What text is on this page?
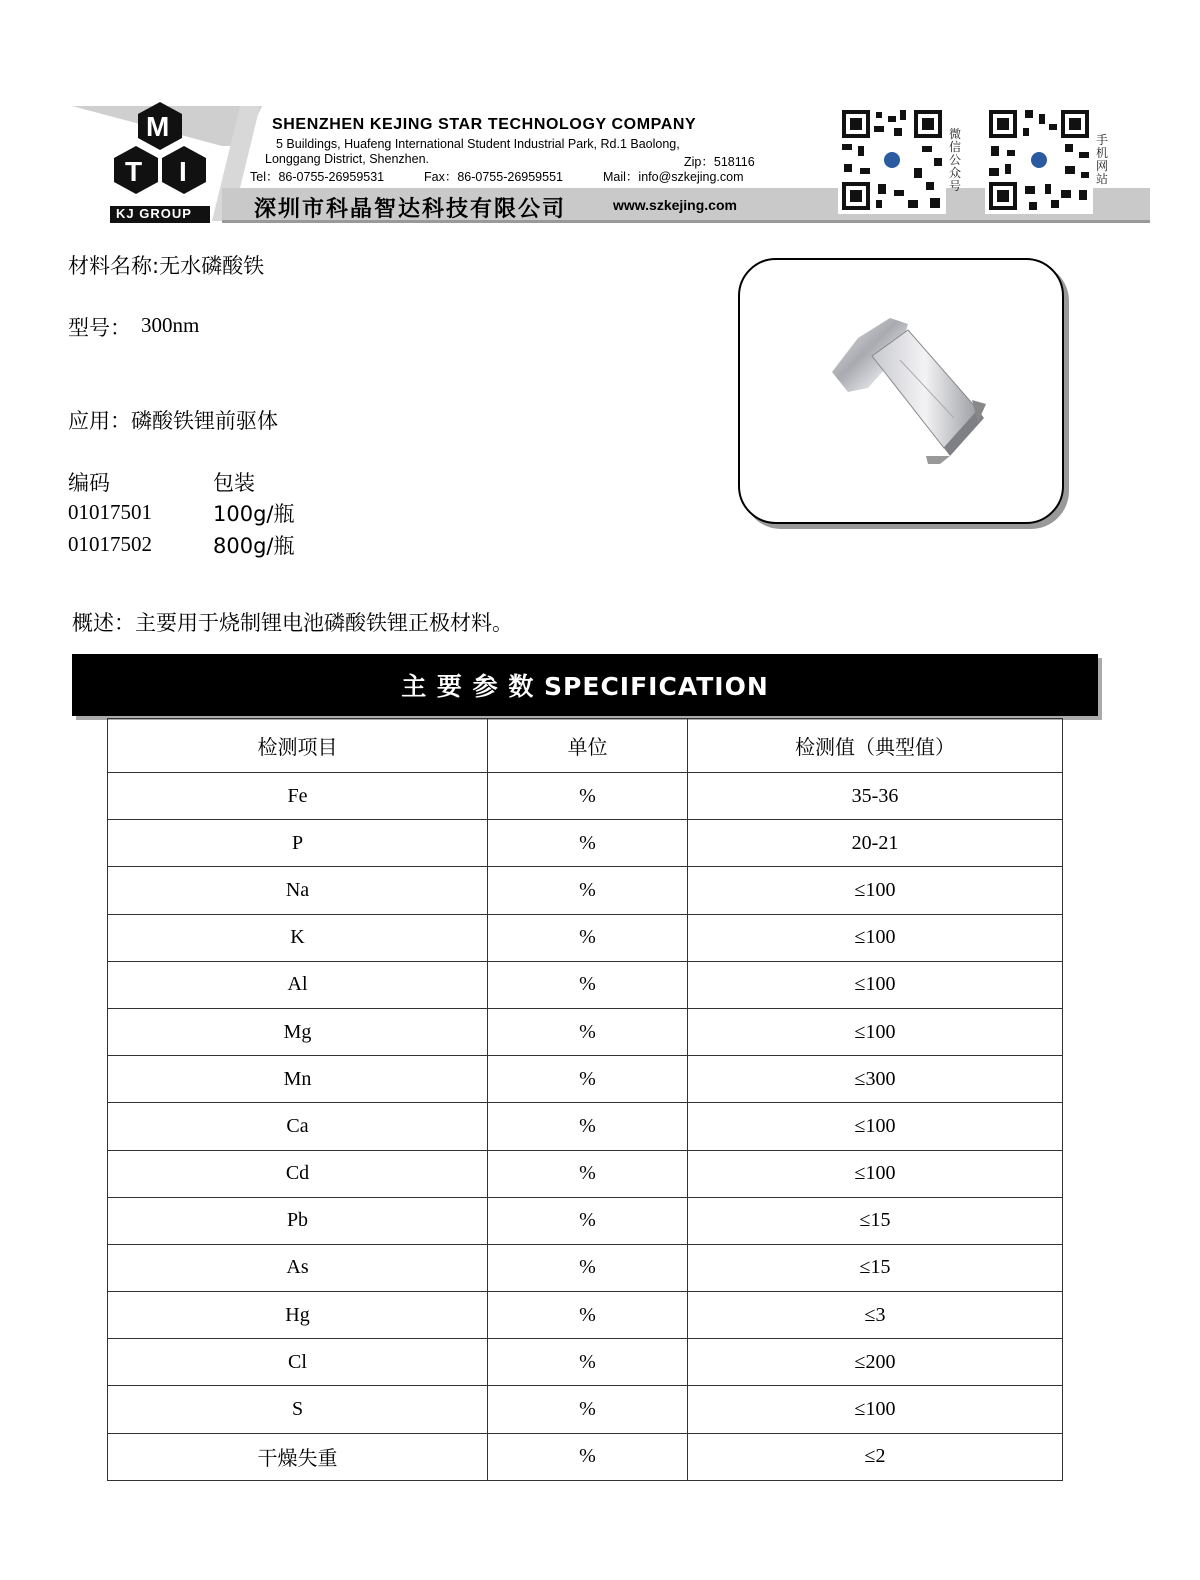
M
T I
KJ GROUP
SHENZHEN KEJING STAR TECHNOLOGY COMPANY
5 Buildings, Huafeng International Student Industrial Park, Rd.1 Baolong,
Longgang District, Shenzhen.	Zip：518116
Tel：86-0755-26959531	Fax：86-0755-26959551	Mail：info@szkejing.com
深圳市科晶智达科技有限公司	www.szkejing.com
微信公众号
手机网站
材料名称:无水磷酸铁
型号： 300nm
应用：磷酸铁锂前驱体
编码	包装
01017501	100g/瓶
01017502	800g/瓶
概述：主要用于烧制锂电池磷酸铁锂正极材料。
主 要 参 数 SPECIFICATION
检测项目	单位	检测值（典型值）
Fe	%	35-36
P	%	20-21
Na	%	≤100
K	%	≤100
Al	%	≤100
Mg	%	≤100
Mn	%	≤300
Ca	%	≤100
Cd	%	≤100
Pb	%	≤15
As	%	≤15
Hg	%	≤3
Cl	%	≤200
S	%	≤100
干燥失重	%	≤2
